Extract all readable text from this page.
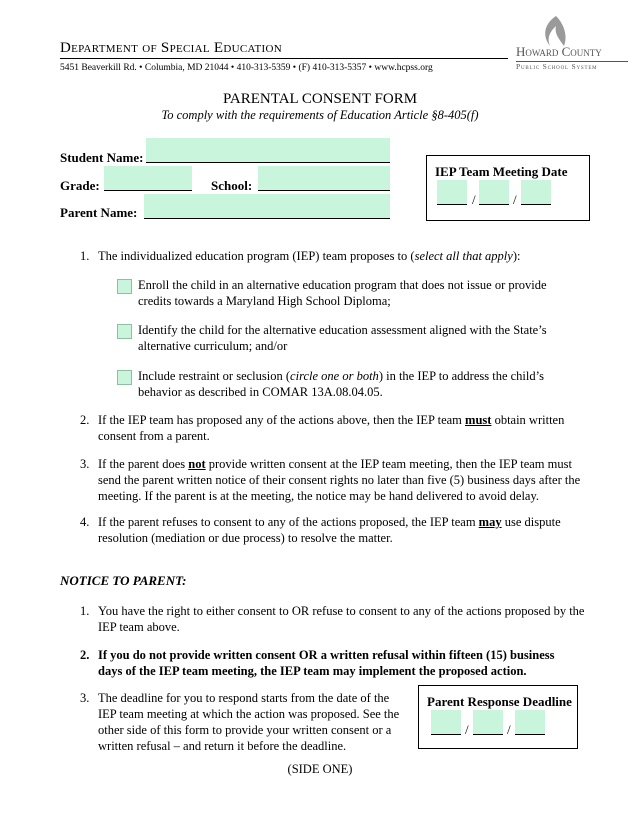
Department of Special Education
5451 Beaverkill Rd. • Columbia, MD 21044 • 410-313-5359 • (F) 410-313-5357 • www.hcpss.org
Howard County
Public School System
PARENTAL CONSENT FORM
To comply with the requirements of Education Article §8-405(f)
Student Name:
Grade:	School:
Parent Name:
IEP Team Meeting Date
/	/
1. The individualized education program (IEP) team proposes to (select all that apply):
Enroll the child in an alternative education program that does not issue or provide credits towards a Maryland High School Diploma;
Identify the child for the alternative education assessment aligned with the State’s alternative curriculum; and/or
Include restraint or seclusion (circle one or both) in the IEP to address the child’s behavior as described in COMAR 13A.08.04.05.
2. If the IEP team has proposed any of the actions above, then the IEP team must obtain written consent from a parent.
3. If the parent does not provide written consent at the IEP team meeting, then the IEP team must send the parent written notice of their consent rights no later than five (5) business days after the meeting. If the parent is at the meeting, the notice may be hand delivered to avoid delay.
4. If the parent refuses to consent to any of the actions proposed, the IEP team may use dispute resolution (mediation or due process) to resolve the matter.
NOTICE TO PARENT:
1. You have the right to either consent to OR refuse to consent to any of the actions proposed by the IEP team above.
2. If you do not provide written consent OR a written refusal within fifteen (15) business days of the IEP team meeting, the IEP team may implement the proposed action.
3. The deadline for you to respond starts from the date of the IEP team meeting at which the action was proposed. See the other side of this form to provide your written consent or a written refusal – and return it before the deadline.
Parent Response Deadline
/	/
(SIDE ONE)
